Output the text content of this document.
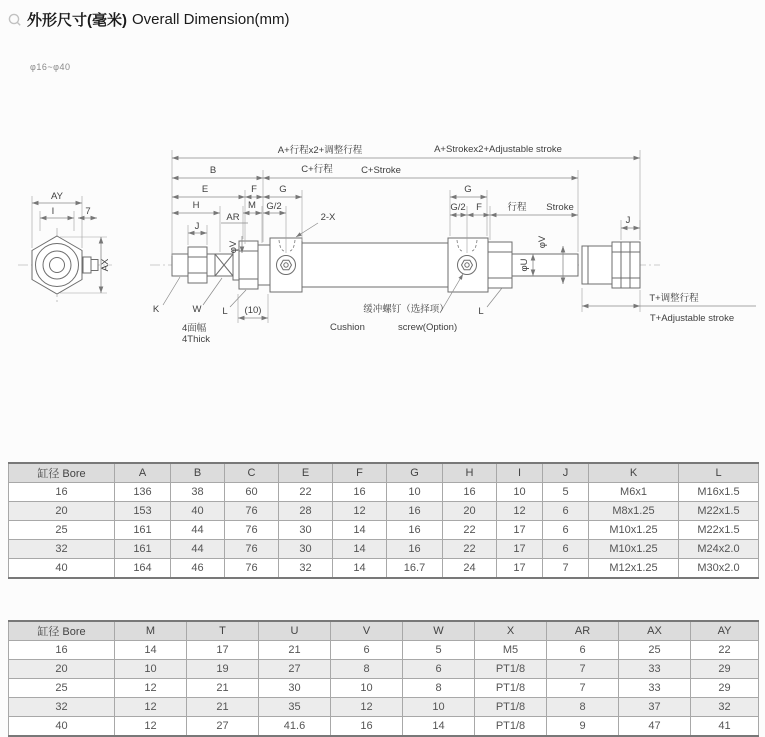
外形尺寸(毫米) Overall Dimension(mm)
φ16~φ40
A+行程x2+调整行程	A+Strokex2+Adjustable stroke
B	C+行程	C+Stroke
E	F G
H	M G/2
AR
J
2-X
φV
K	W L (10)
4面幅
4Thick
缓冲螺钉（选择项）
Cushion	screw(Option)
G
G/2 F	行程 Stroke
J
φV
φU
L
T+调整行程
T+Adjustable stroke
AY
I	7
AX
缸径 Bore	A	B	C	E	F	G	H	I	J	K	L
16	136	38	60	22	16	10	16	10	5	M6x1	M16x1.5
20	153	40	76	28	12	16	20	12	6	M8x1.25	M22x1.5
25	161	44	76	30	14	16	22	17	6	M10x1.25	M22x1.5
32	161	44	76	30	14	16	22	17	6	M10x1.25	M24x2.0
40	164	46	76	32	14	16.7	24	17	7	M12x1.25	M30x2.0
缸径 Bore	M	T	U	V	W	X	AR	AX	AY
16	14	17	21	6	5	M5	6	25	22
20	10	19	27	8	6	PT1/8	7	33	29
25	12	21	30	10	8	PT1/8	7	33	29
32	12	21	35	12	10	PT1/8	8	37	32
40	12	27	41.6	16	14	PT1/8	9	47	41
